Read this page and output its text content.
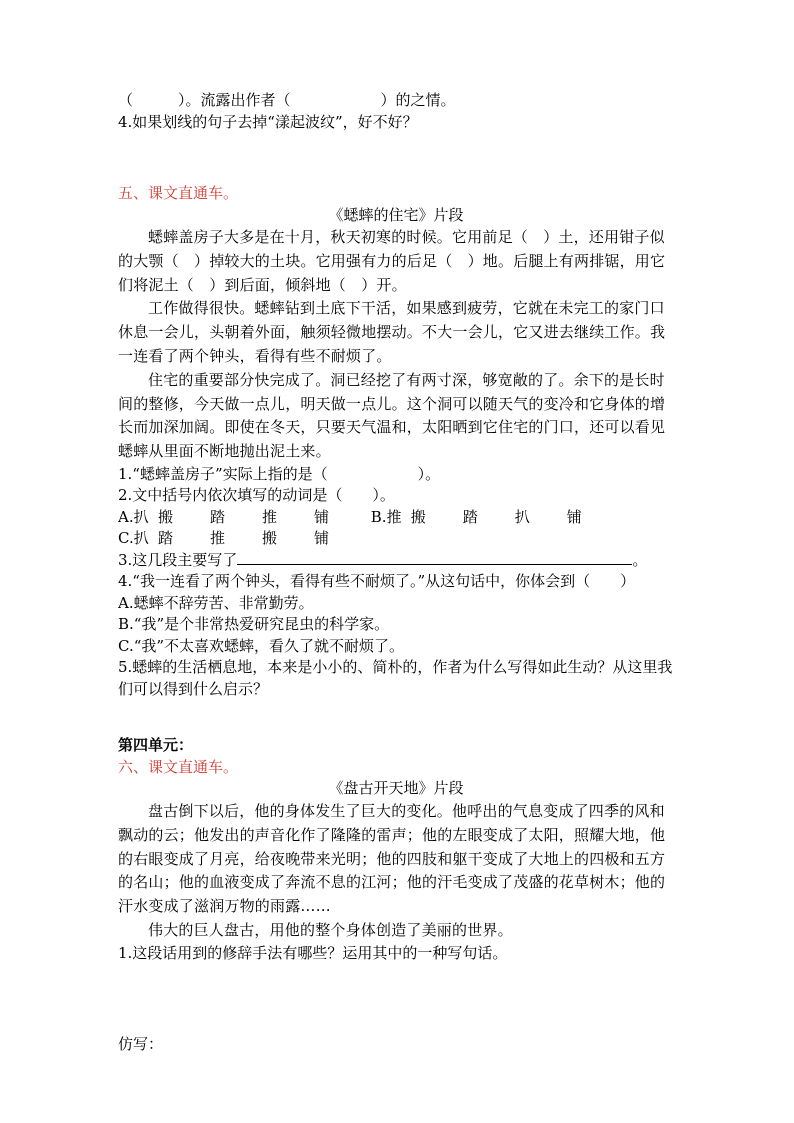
（　　　）。流露出作者（　　　　　　）的之情。
4.如果划线的句子去掉“漾起波纹”，好不好？
五、课文直通车。
《蟋蟀的住宅》片段
蟋蟀盖房子大多是在十月，秋天初寒的时候。它用前足（　）土，还用钳子似的大颚（　）掉较大的土块。它用强有力的后足（　）地。后腿上有两排锯，用它们将泥土（　）到后面，倾斜地（　）开。
工作做得很快。蟋蟀钻到土底下干活，如果感到疲劳，它就在未完工的家门口休息一会儿，头朝着外面，触须轻微地摆动。不大一会儿，它又进去继续工作。我一连看了两个钟头，看得有些不耐烦了。
住宅的重要部分快完成了。洞已经挖了有两寸深，够宽敞的了。余下的是长时间的整修，今天做一点儿，明天做一点儿。这个洞可以随天气的变冷和它身体的增长而加深加阔。即使在冬天，只要天气温和，太阳晒到它住宅的门口，还可以看见蟋蟀从里面不断地抛出泥土来。
1.“蟋蟀盖房子”实际上指的是（　　　　　　）。
2.文中括号内依次填写的动词是（　　）。
A.扒 搬 踏 推 铺	B.推 搬 踏 扒 铺 C.扒 踏 推 搬 铺
3.这几段主要写了	。
4.“我一连看了两个钟头，看得有些不耐烦了。”从这句话中，你体会到（　　）
A.蟋蟀不辞劳苦、非常勤劳。
B.“我”是个非常热爱研究昆虫的科学家。
C.“我”不太喜欢蟋蟀，看久了就不耐烦了。
5.蟋蟀的生活栖息地，本来是小小的、简朴的，作者为什么写得如此生动？从这里我们可以得到什么启示？
第四单元：
六、课文直通车。
《盘古开天地》片段
盘古倒下以后，他的身体发生了巨大的变化。他呼出的气息变成了四季的风和飘动的云；他发出的声音化作了隆隆的雷声；他的左眼变成了太阳，照耀大地，他的右眼变成了月亮，给夜晚带来光明；他的四肢和躯干变成了大地上的四极和五方的名山；他的血液变成了奔流不息的江河；他的汗毛变成了茂盛的花草树木；他的汗水变成了滋润万物的雨露……
伟大的巨人盘古，用他的整个身体创造了美丽的世界。
1.这段话用到的修辞手法有哪些？运用其中的一种写句话。
仿写：
